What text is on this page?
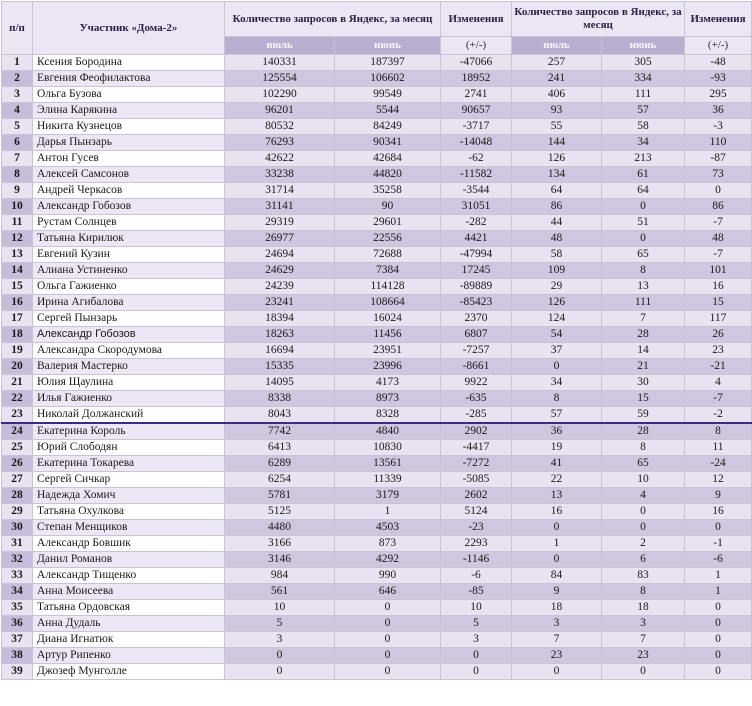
п/п	Участник «Дома-2»	Количество запросов в Яндекс, за месяц		Изменения	Количество запросов в Яндекс, за месяц		Изменения
		июль	июнь	(+/-)	июль	июнь	(+/-)
1	Ксения Бородина	140331	187397	-47066	257	305	-48
2	Евгения Феофилактова	125554	106602	18952	241	334	-93
3	Ольга Бузова	102290	99549	2741	406	111	295
4	Элина Карякина	96201	5544	90657	93	57	36
5	Никита Кузнецов	80532	84249	-3717	55	58	-3
6	Дарья Пынзарь	76293	90341	-14048	144	34	110
7	Антон Гусев	42622	42684	-62	126	213	-87
8	Алексей Самсонов	33238	44820	-11582	134	61	73
9	Андрей Черкасов	31714	35258	-3544	64	64	0
10	Александр Гобозов	31141	90	31051	86	0	86
11	Рустам Солнцев	29319	29601	-282	44	51	-7
12	Татьяна Кирилюк	26977	22556	4421	48	0	48
13	Евгений Кузин	24694	72688	-47994	58	65	-7
14	Алиана Устиненко	24629	7384	17245	109	8	101
15	Ольга Гажиенко	24239	114128	-89889	29	13	16
16	Ирина Агибалова	23241	108664	-85423	126	111	15
17	Сергей Пынзарь	18394	16024	2370	124	7	117
18	Александр Гобозов	18263	11456	6807	54	28	26
19	Александра Скородумова	16694	23951	-7257	37	14	23
20	Валерия Мастерко	15335	23996	-8661	0	21	-21
21	Юлия Щаулина	14095	4173	9922	34	30	4
22	Илья Гажиенко	8338	8973	-635	8	15	-7
23	Николай Должанский	8043	8328	-285	57	59	-2
24	Екатерина Король	7742	4840	2902	36	28	8
25	Юрий Слободян	6413	10830	-4417	19	8	11
26	Екатерина Токарева	6289	13561	-7272	41	65	-24
27	Сергей Сичкар	6254	11339	-5085	22	10	12
28	Надежда Хомич	5781	3179	2602	13	4	9
29	Татьяна Охулкова	5125	1	5124	16	0	16
30	Степан Менщиков	4480	4503	-23	0	0	0
31	Александр Бовшик	3166	873	2293	1	2	-1
32	Данил Романов	3146	4292	-1146	0	6	-6
33	Александр Тищенко	984	990	-6	84	83	1
34	Анна Моисеева	561	646	-85	9	8	1
35	Татьяна Ордовская	10	0	10	18	18	0
36	Анна Дудаль	5	0	5	3	3	0
37	Диана Игнатюк	3	0	3	7	7	0
38	Артур Рипенко	0	0	0	23	23	0
39	Джозеф Мунголле	0	0	0	0	0	0
